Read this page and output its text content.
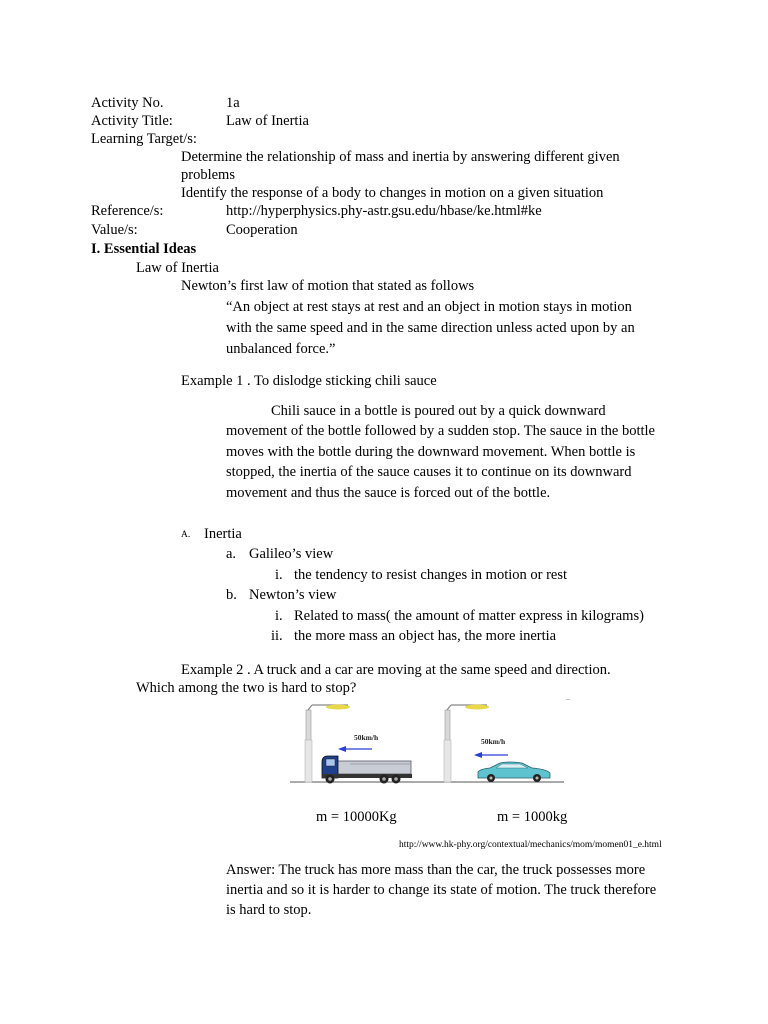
Activity No.	1a
Activity Title:	Law of Inertia
Learning Target/s:
Determine the relationship of mass and inertia by answering different given
problems
Identify the response of a body to changes in motion on a given situation
Reference/s:	http://hyperphysics.phy-astr.gsu.edu/hbase/ke.html#ke
Value/s:	Cooperation
I. Essential Ideas
Law of Inertia
Newton’s first law of motion that stated as follows
“An object at rest stays at rest and an object in motion stays in motion
with the same speed and in the same direction unless acted upon by an
unbalanced force.”
Example 1 . To dislodge sticking chili sauce
Chili sauce in a bottle is poured out by a quick downward
movement of the bottle followed by a sudden stop. The sauce in the bottle
moves with the bottle during the downward movement. When bottle is
stopped, the inertia of the sauce causes it to continue on its downward
movement and thus the sauce is forced out of the bottle.
A. Inertia
a. Galileo’s view
i. the tendency to resist changes in motion or rest
b. Newton’s view
i. Related to mass( the amount of matter express in kilograms)
ii. the more mass an object has, the more inertia
Example 2 . A truck and a car are moving at the same speed and direction.
Which among the two is hard to stop?
–
50km/h	50km/h
m = 10000Kg	m = 1000kg
http://www.hk-phy.org/contextual/mechanics/mom/momen01_e.html
Answer: The truck has more mass than the car, the truck possesses more
inertia and so it is harder to change its state of motion. The truck therefore
is hard to stop.
